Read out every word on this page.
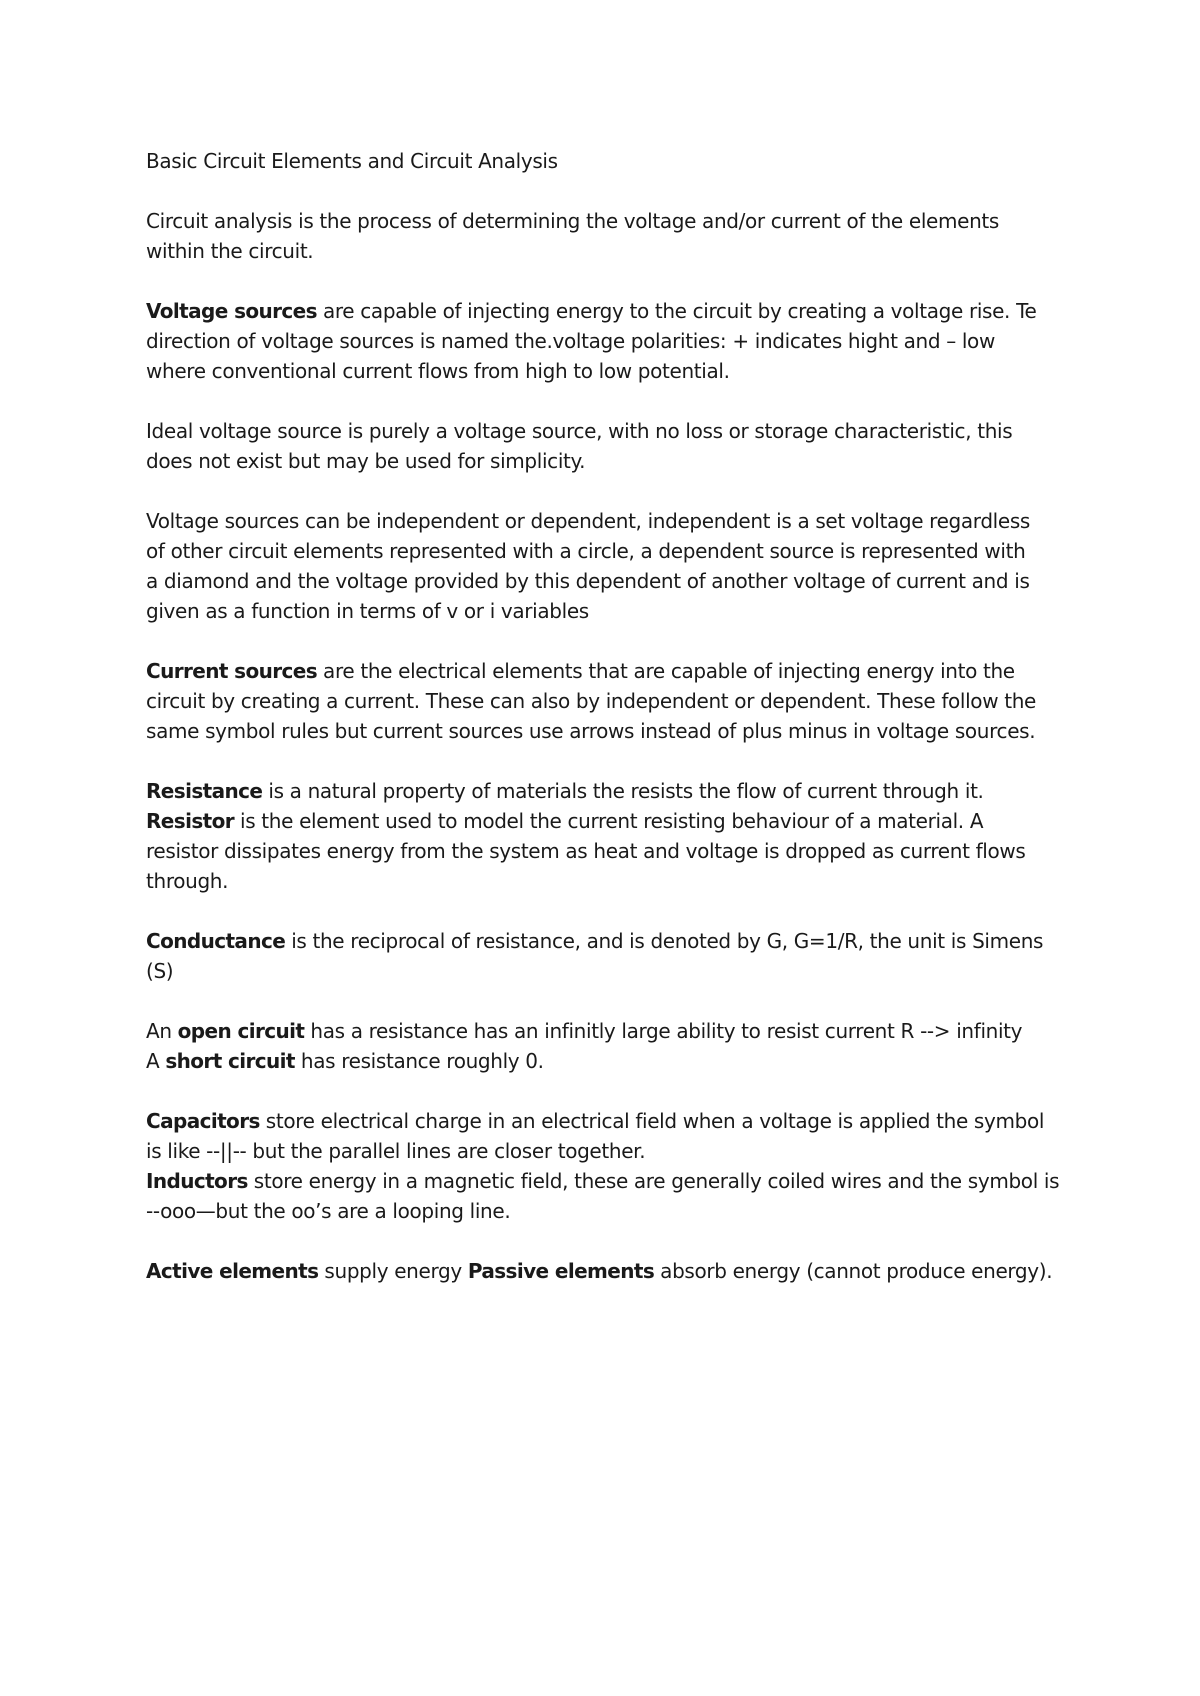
Basic Circuit Elements and Circuit Analysis

Circuit analysis is the process of determining the voltage and/or current of the elements
within the circuit.

Voltage sources are capable of injecting energy to the circuit by creating a voltage rise. Te
direction of voltage sources is named the.voltage polarities: + indicates hight and – low
where conventional current flows from high to low potential.

Ideal voltage source is purely a voltage source, with no loss or storage characteristic, this
does not exist but may be used for simplicity.

Voltage sources can be independent or dependent, independent is a set voltage regardless
of other circuit elements represented with a circle, a dependent source is represented with
a diamond and the voltage provided by this dependent of another voltage of current and is
given as a function in terms of v or i variables

Current sources are the electrical elements that are capable of injecting energy into the
circuit by creating a current. These can also by independent or dependent. These follow the
same symbol rules but current sources use arrows instead of plus minus in voltage sources.

Resistance is a natural property of materials the resists the flow of current through it.
Resistor is the element used to model the current resisting behaviour of a material. A
resistor dissipates energy from the system as heat and voltage is dropped as current flows
through.

Conductance is the reciprocal of resistance, and is denoted by G, G=1/R, the unit is Simens
(S)

An open circuit has a resistance has an infinitly large ability to resist current R --> infinity
A short circuit has resistance roughly 0.

Capacitors store electrical charge in an electrical field when a voltage is applied the symbol
is like --||-- but the parallel lines are closer together.
Inductors store energy in a magnetic field, these are generally coiled wires and the symbol is
--ooo—but the oo’s are a looping line.

Active elements supply energy Passive elements absorb energy (cannot produce energy).
